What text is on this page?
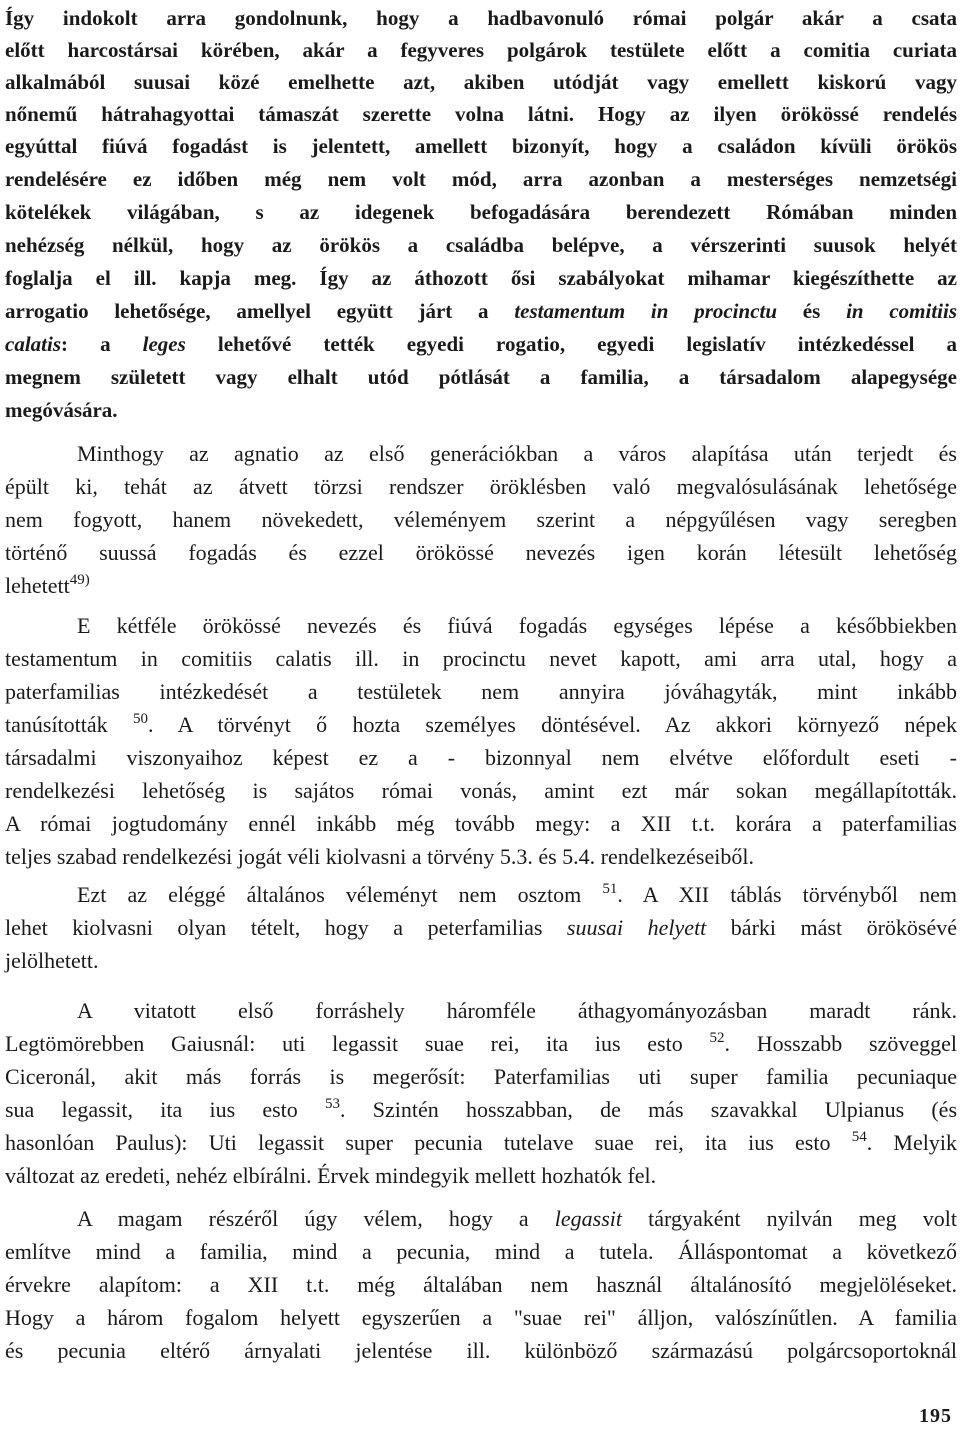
Így indokolt arra gondolnunk, hogy a hadbavonuló római polgár akár a csata
előtt harcostársai körében, akár a fegyveres polgárok testülete előtt a comitia curiata
alkalmából suusai közé emelhette azt, akiben utódját vagy emellett kiskorú vagy
nőnemű hátrahagyottai támaszát szerette volna látni. Hogy az ilyen örökössé rendelés
egyúttal fiúvá fogadást is jelentett, amellett bizonyít, hogy a családon kívüli örökös
rendelésére ez időben még nem volt mód, arra azonban a mesterséges nemzetségi
kötelékek világában, s az idegenek befogadására berendezett Rómában minden
nehézség nélkül, hogy az örökös a családba belépve, a vérszerinti suusok helyét
foglalja el ill. kapja meg. Így az áthozott ősi szabályokat mihamar kiegészíthette az
arrogatio lehetősége, amellyel együtt járt a testamentum in procinctu és in comitiis
calatis: a leges lehetővé tették egyedi rogatio, egyedi legislatív intézkedéssel a
megnem született vagy elhalt utód pótlását a familia, a társadalom alapegysége
megóvására.
Minthogy az agnatio az első generációkban a város alapítása után terjedt és
épült ki, tehát az átvett törzsi rendszer öröklésben való megvalósulásának lehetősége
nem fogyott, hanem növekedett, véleményem szerint a népgyűlésen vagy seregben
történő suussá fogadás és ezzel örökössé nevezés igen korán létesült lehetőség
lehetett$^{49)}$
E kétféle örökössé nevezés és fiúvá fogadás egységes lépése a későbbiekben
testamentum in comitiis calatis ill. in procinctu nevet kapott, ami arra utal, hogy a
paterfamilias intézkedését a testületek nem annyira jóváhagyták, mint inkább
tanúsították $^{50}$. A törvényt ő hozta személyes döntésével. Az akkori környező népek
társadalmi viszonyaihoz képest ez a - bizonnyal nem elvétve előfordult eseti -
rendelkezési lehetőség is sajátos római vonás, amint ezt már sokan megállapították.
A római jogtudomány ennél inkább még tovább megy: a XII t.t. korára a paterfamilias
teljes szabad rendelkezési jogát véli kiolvasni a törvény 5.3. és 5.4. rendelkezéseiből.
Ezt az eléggé általános véleményt nem osztom $^{51}$. A XII táblás törvényből nem
lehet kiolvasni olyan tételt, hogy a peterfamilias suusai helyett bárki mást örökösévé
jelölhetett.
A vitatott első forráshely háromféle áthagyományozásban maradt ránk.
Legtömörebben Gaiusnál: uti legassit suae rei, ita ius esto $^{52}$. Hosszabb szöveggel
Ciceronál, akit más forrás is megerősít: Paterfamilias uti super familia pecuniaque
sua legassit, ita ius esto $^{53}$. Szintén hosszabban, de más szavakkal Ulpianus (és
hasonlóan Paulus): Uti legassit super pecunia tutelave suae rei, ita ius esto $^{54}$. Melyik
változat az eredeti, nehéz elbírálni. Érvek mindegyik mellett hozhatók fel.
A magam részéről úgy vélem, hogy a legassit tárgyaként nyilván meg volt
említve mind a familia, mind a pecunia, mind a tutela. Álláspontomat a következő
érvekre alapítom: a XII t.t. még általában nem használ általánosító megjelöléseket.
Hogy a három fogalom helyett egyszerűen a "suae rei" álljon, valószínűtlen. A familia
és pecunia eltérő árnyalati jelentése ill. különböző származású polgárcsoportoknál
195
